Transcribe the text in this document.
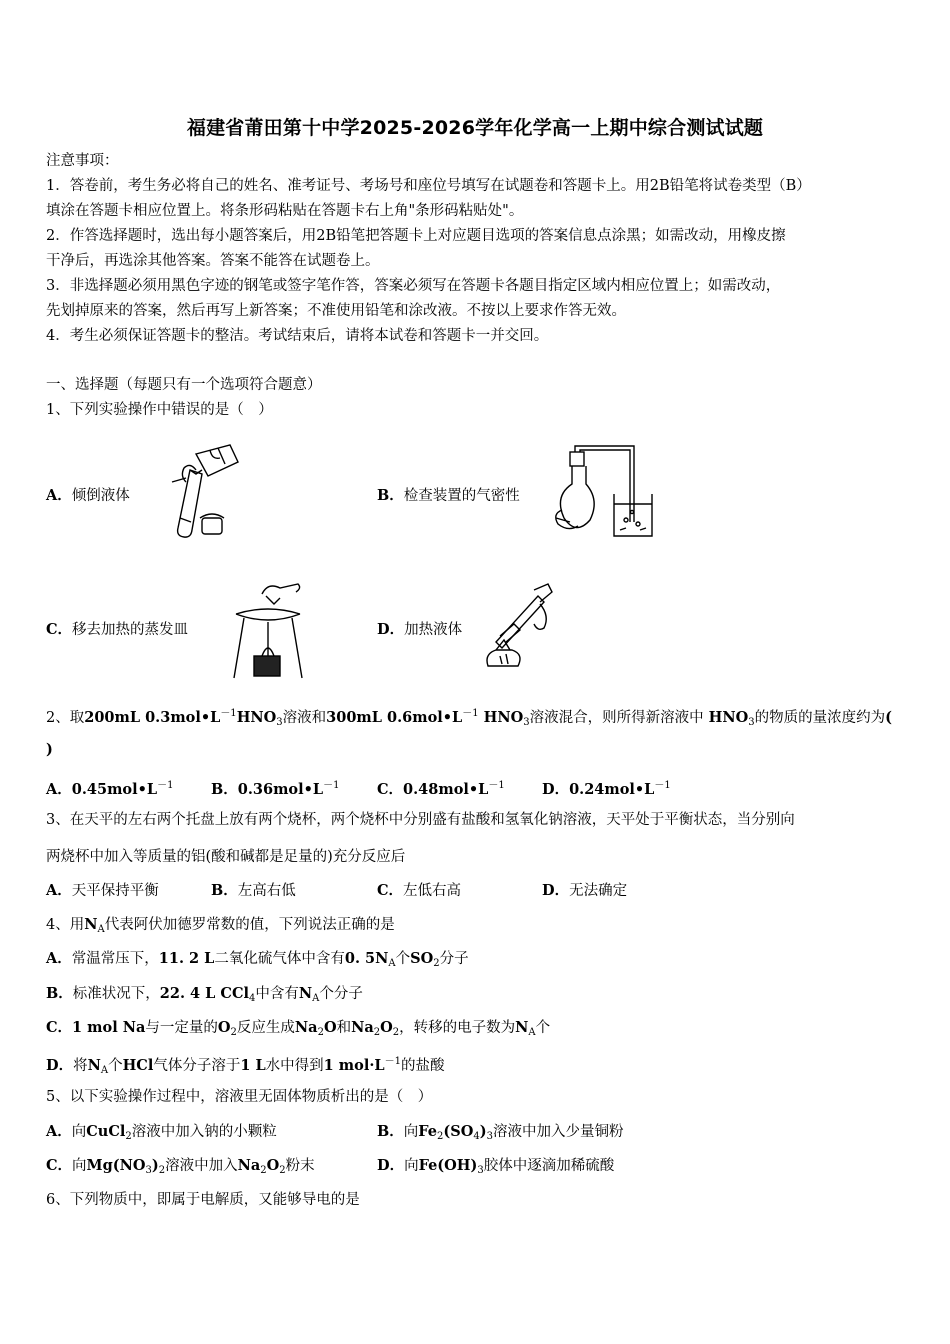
福建省莆田第十中学2025-2026学年化学高一上期中综合测试试题
注意事项：
1．答卷前，考生务必将自己的姓名、准考证号、考场号和座位号填写在试题卷和答题卡上。用2B铅笔将试卷类型（B）
填涂在答题卡相应位置上。将条形码粘贴在答题卡右上角"条形码粘贴处"。
2．作答选择题时，选出每小题答案后，用2B铅笔把答题卡上对应题目选项的答案信息点涂黑；如需改动，用橡皮擦
干净后，再选涂其他答案。答案不能答在试题卷上。
3．非选择题必须用黑色字迹的钢笔或签字笔作答，答案必须写在答题卡各题目指定区域内相应位置上；如需改动，
先划掉原来的答案，然后再写上新答案；不准使用铅笔和涂改液。不按以上要求作答无效。
4．考生必须保证答题卡的整洁。考试结束后，请将本试卷和答题卡一并交回。
一、选择题（每题只有一个选项符合题意）
1、下列实验操作中错误的是（　）
A．倾倒液体	B．检查装置的气密性
C．移去加热的蒸发皿	D．加热液体
2、取200mL $0.3mol•L^{-1}HNO_3$溶液和300mL $0.6mol•L^{-1}$ $HNO_3$溶液混合，则所得新溶液中 $HNO_3$的物质的量浓度约为(
)
A．$0.45mol•L^{-1}$	B．$0.36mol•L^{-1}$	C．$0.48mol•L^{-1}$	D．$0.24mol•L^{-1}$
3、在天平的左右两个托盘上放有两个烧杯，两个烧杯中分别盛有盐酸和氢氧化钠溶液，天平处于平衡状态，当分别向
两烧杯中加入等质量的铝(酸和碱都是足量的)充分反应后
A．天平保持平衡	B．左高右低	C．左低右高	D．无法确定
4、用$N_A$代表阿伏加德罗常数的值，下列说法正确的是
A．常温常压下，11. 2 L二氧化硫气体中含有0. $5N_A$个$SO_2$分子
B．标准状况下，22. 4 L CCl$_4$中含有$N_A$个分子
C．1 mol Na与一定量的$O_2$反应生成$Na_2O$和$Na_2O_2$，转移的电子数为$N_A$个
D．将$N_A$个HCl气体分子溶于1 L水中得到1 $mol\cdot L^{-1}$的盐酸
5、以下实验操作过程中，溶液里无固体物质析出的是（　）
A．向CuCl$_2$溶液中加入钠的小颗粒	B．向$Fe_2(SO_4)_3$溶液中加入少量铜粉
C．向$Mg(NO_3)_2$溶液中加入$Na_2O_2$粉末	D．向$Fe(OH)_3$胶体中逐滴加稀硫酸
6、下列物质中，即属于电解质，又能够导电的是
